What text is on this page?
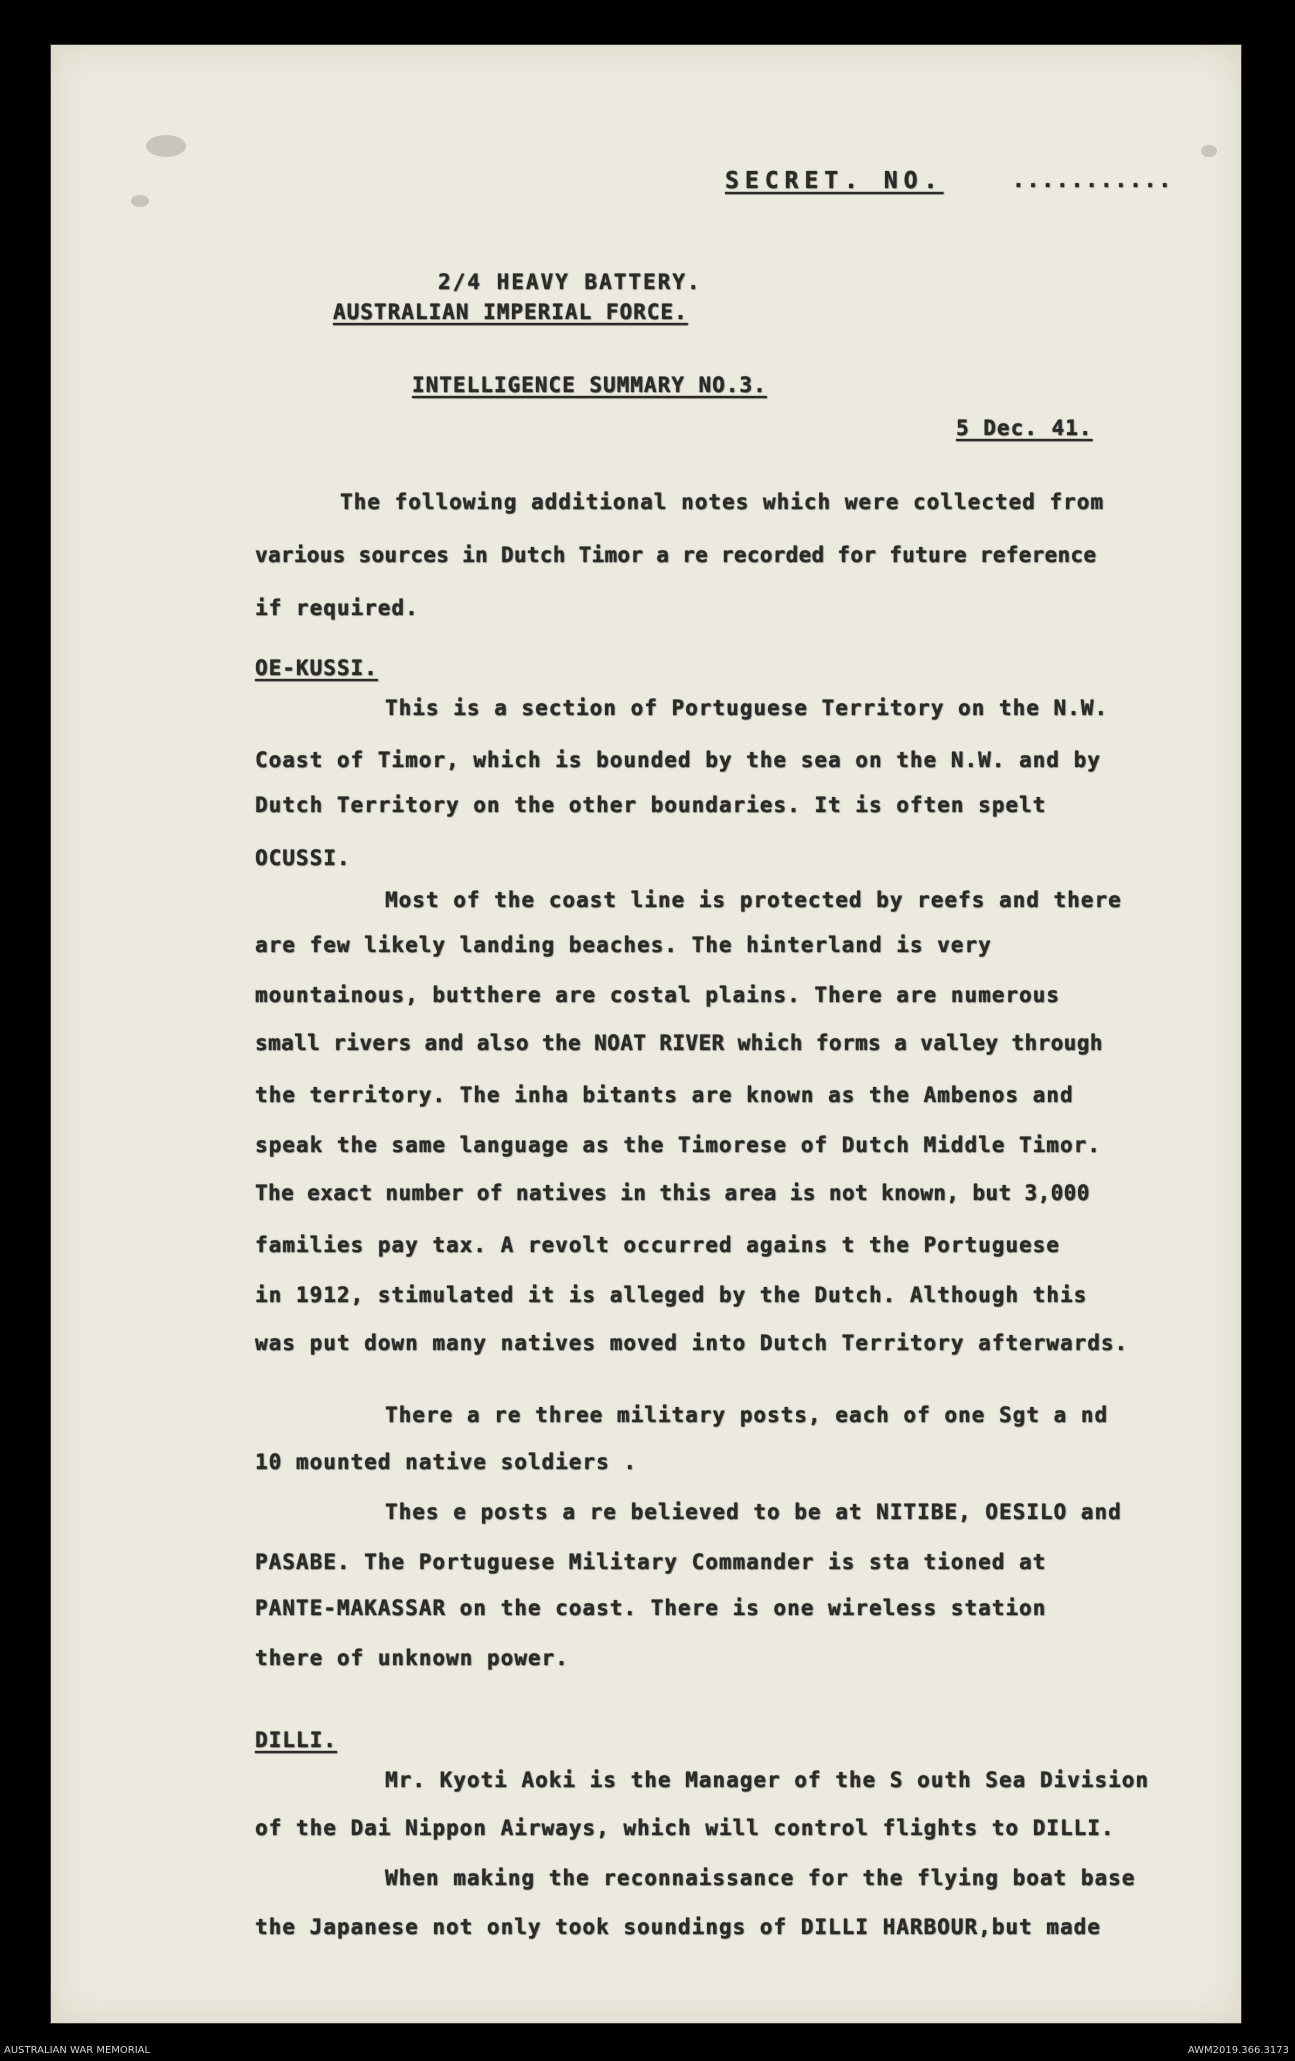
SECRET. NO.	...........
2/4 HEAVY BATTERY.
AUSTRALIAN IMPERIAL FORCE.
INTELLIGENCE SUMMARY NO.3.
5 Dec. 41.
The following additional notes which were collected from
various sources in Dutch Timor a re recorded for future reference
if required.
OE-KUSSI.
This is a section of Portuguese Territory on the N.W.
Coast of Timor, which is bounded by the sea on the N.W. and by
Dutch Territory on the other boundaries. It is often spelt
OCUSSI.
Most of the coast line is protected by reefs and there
are few likely landing beaches. The hinterland is very
mountainous, butthere are costal plains. There are numerous
small rivers and also the NOAT RIVER which forms a valley through
the territory. The inha bitants are known as the Ambenos and
speak the same language as the Timorese of Dutch Middle Timor.
The exact number of natives in this area is not known, but 3,000
families pay tax. A revolt occurred agains t the Portuguese
in 1912, stimulated it is alleged by the Dutch. Although this
was put down many natives moved into Dutch Territory afterwards.
There a re three military posts, each of one Sgt a nd
10 mounted native soldiers .
Thes e posts a re believed to be at NITIBE, OESILO and
PASABE. The Portuguese Military Commander is sta tioned at
PANTE-MAKASSAR on the coast. There is one wireless station
there of unknown power.
DILLI.
Mr. Kyoti Aoki is the Manager of the S outh Sea Division
of the Dai Nippon Airways, which will control flights to DILLI.
When making the reconnaissance for the flying boat base
the Japanese not only took soundings of DILLI HARBOUR,but made
AUSTRALIAN WAR MEMORIAL	AWM2019.366.3173
